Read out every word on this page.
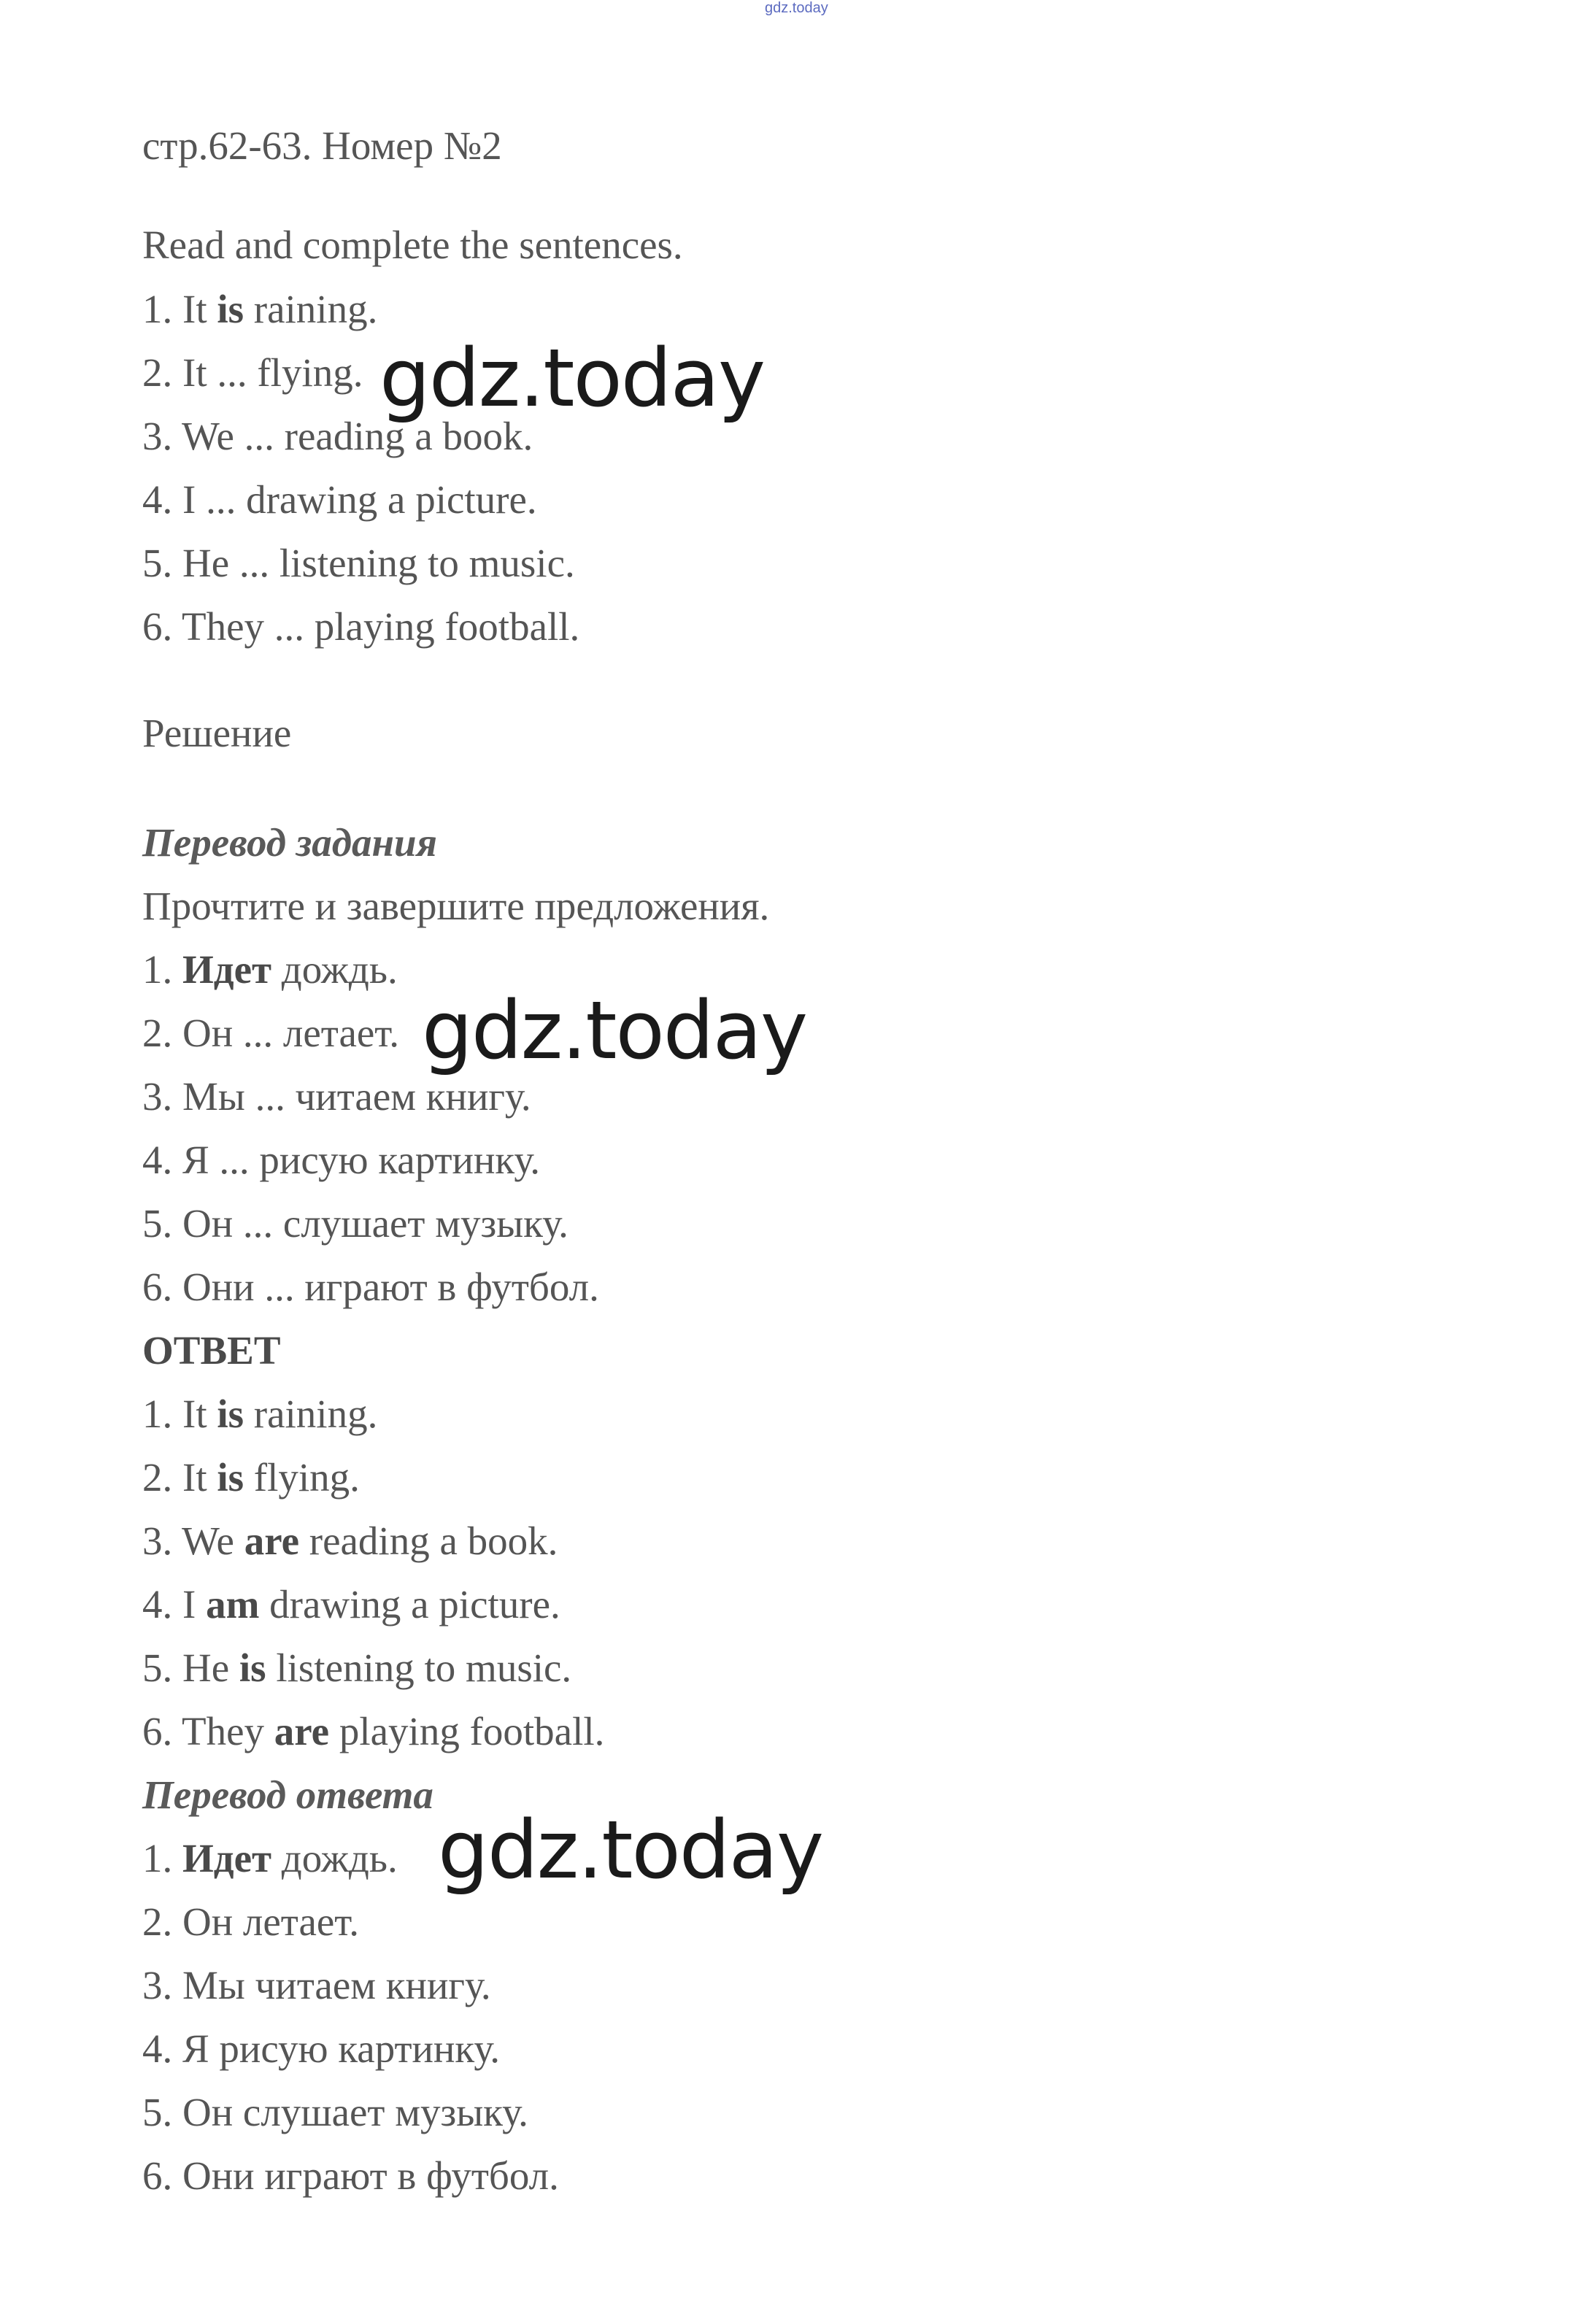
gdz.today
стр.62-63. Номер №2
Read and complete the sentences.
1. It is raining.
2. It ... flying.
3. We ... reading a book.
4. I ... drawing a picture.
5. He ... listening to music.
6. They ... playing football.
Решение
Перевод задания
Прочтите и завершите предложения.
1. Идет дождь.
2. Он ... летает.
3. Мы ... читаем книгу.
4. Я ... рисую картинку.
5. Он ... слушает музыку.
6. Они ... играют в футбол.
ОТВЕТ
1. It is raining.
2. It is flying.
3. We are reading a book.
4. I am drawing a picture.
5. He is listening to music.
6. They are playing football.
Перевод ответа
1. Идет дождь.
2. Он летает.
3. Мы читаем книгу.
4. Я рисую картинку.
5. Он слушает музыку.
6. Они играют в футбол.
gdz.today
gdz.today
gdz.today
